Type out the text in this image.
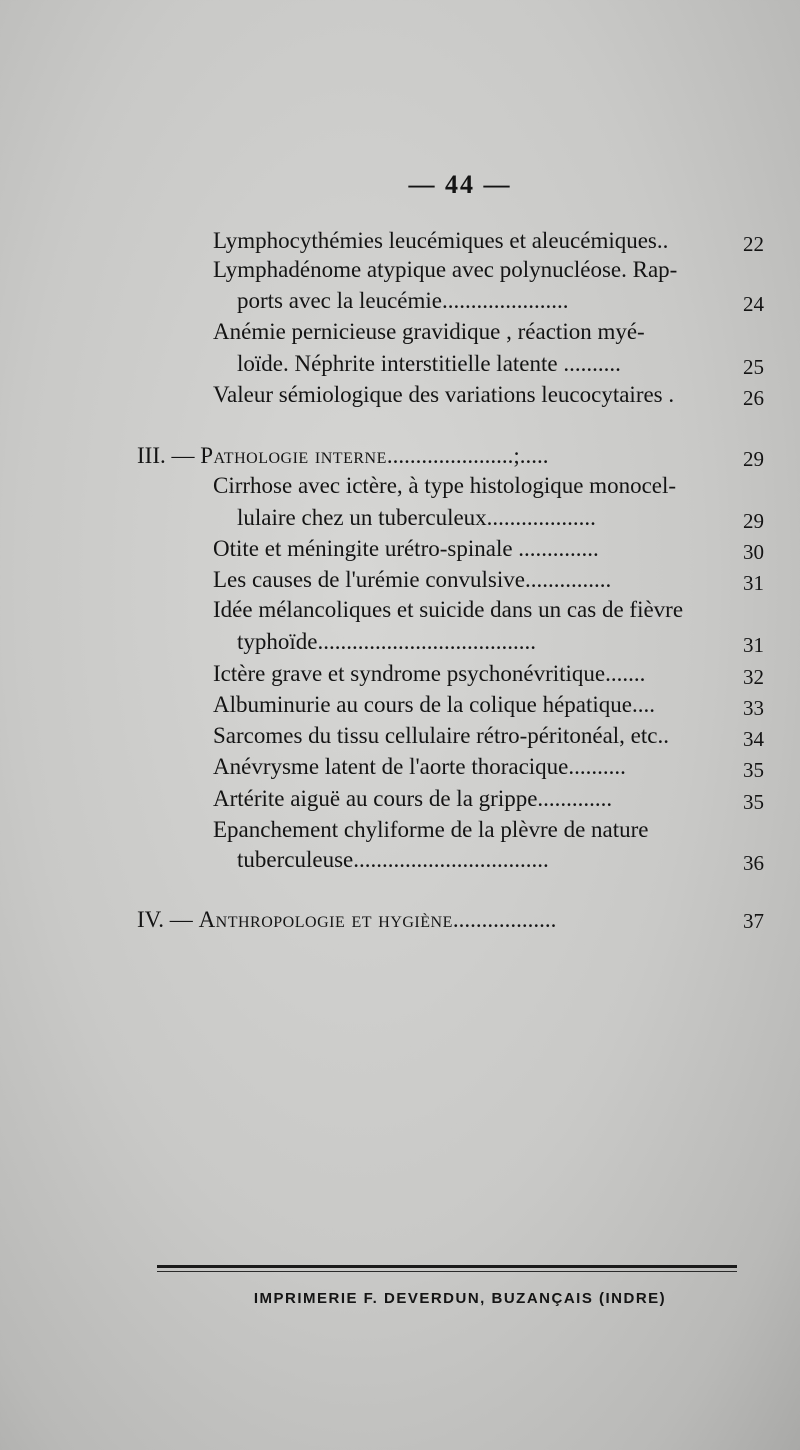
— 44 —
Lymphocythémies leucémiques et aleucémiques..	22
Lymphadénome atypique avec polynucléose. Rap-
ports avec la leucémie......................	24
Anémie pernicieuse gravidique , réaction myé-
loïde. Néphrite interstitielle latente ..........	25
Valeur sémiologique des variations leucocytaires .	26
III. — Pathologie interne......................;.....	29
Cirrhose avec ictère, à type histologique monocel-
lulaire chez un tuberculeux...................	29
Otite et méningite urétro-spinale ..............	30
Les causes de l'urémie convulsive...............	31
Idée mélancoliques et suicide dans un cas de fièvre
typhoïde......................................	31
Ictère grave et syndrome psychonévritique.......	32
Albuminurie au cours de la colique hépatique....	33
Sarcomes du tissu cellulaire rétro-péritonéal, etc..	34
Anévrysme latent de l'aorte thoracique..........	35
Artérite aiguë au cours de la grippe.............	35
Epanchement chyliforme de la plèvre de nature
tuberculeuse..................................	36
IV. — Anthropologie et hygiène..................	37
IMPRIMERIE F. DEVERDUN, BUZANÇAIS (INDRE)
